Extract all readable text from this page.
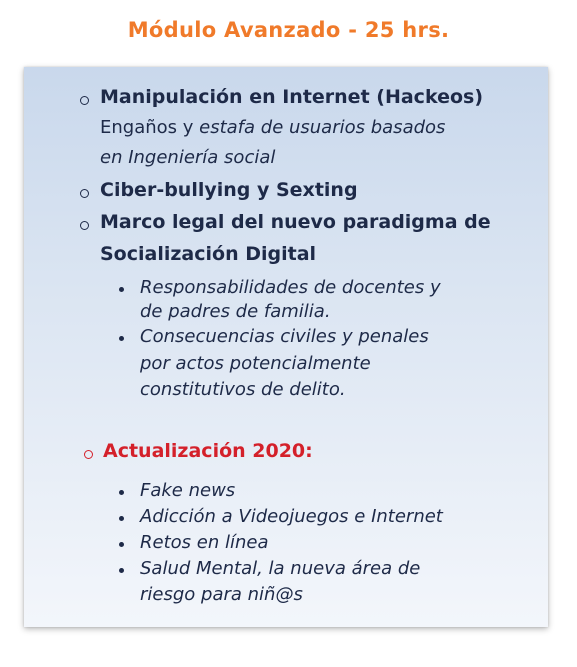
Módulo Avanzado - 25 hrs.
Manipulación en Internet (Hackeos)
Engaños y estafa de usuarios basados
en Ingeniería social
Ciber-bullying y Sexting
Marco legal del nuevo paradigma de
Socialización Digital
Responsabilidades de docentes y
de padres de familia.
Consecuencias civiles y penales
por actos potencialmente
constitutivos de delito.
Actualización 2020:
Fake news
Adicción a Videojuegos e Internet
Retos en línea
Salud Mental, la nueva área de
riesgo para niñ@s
